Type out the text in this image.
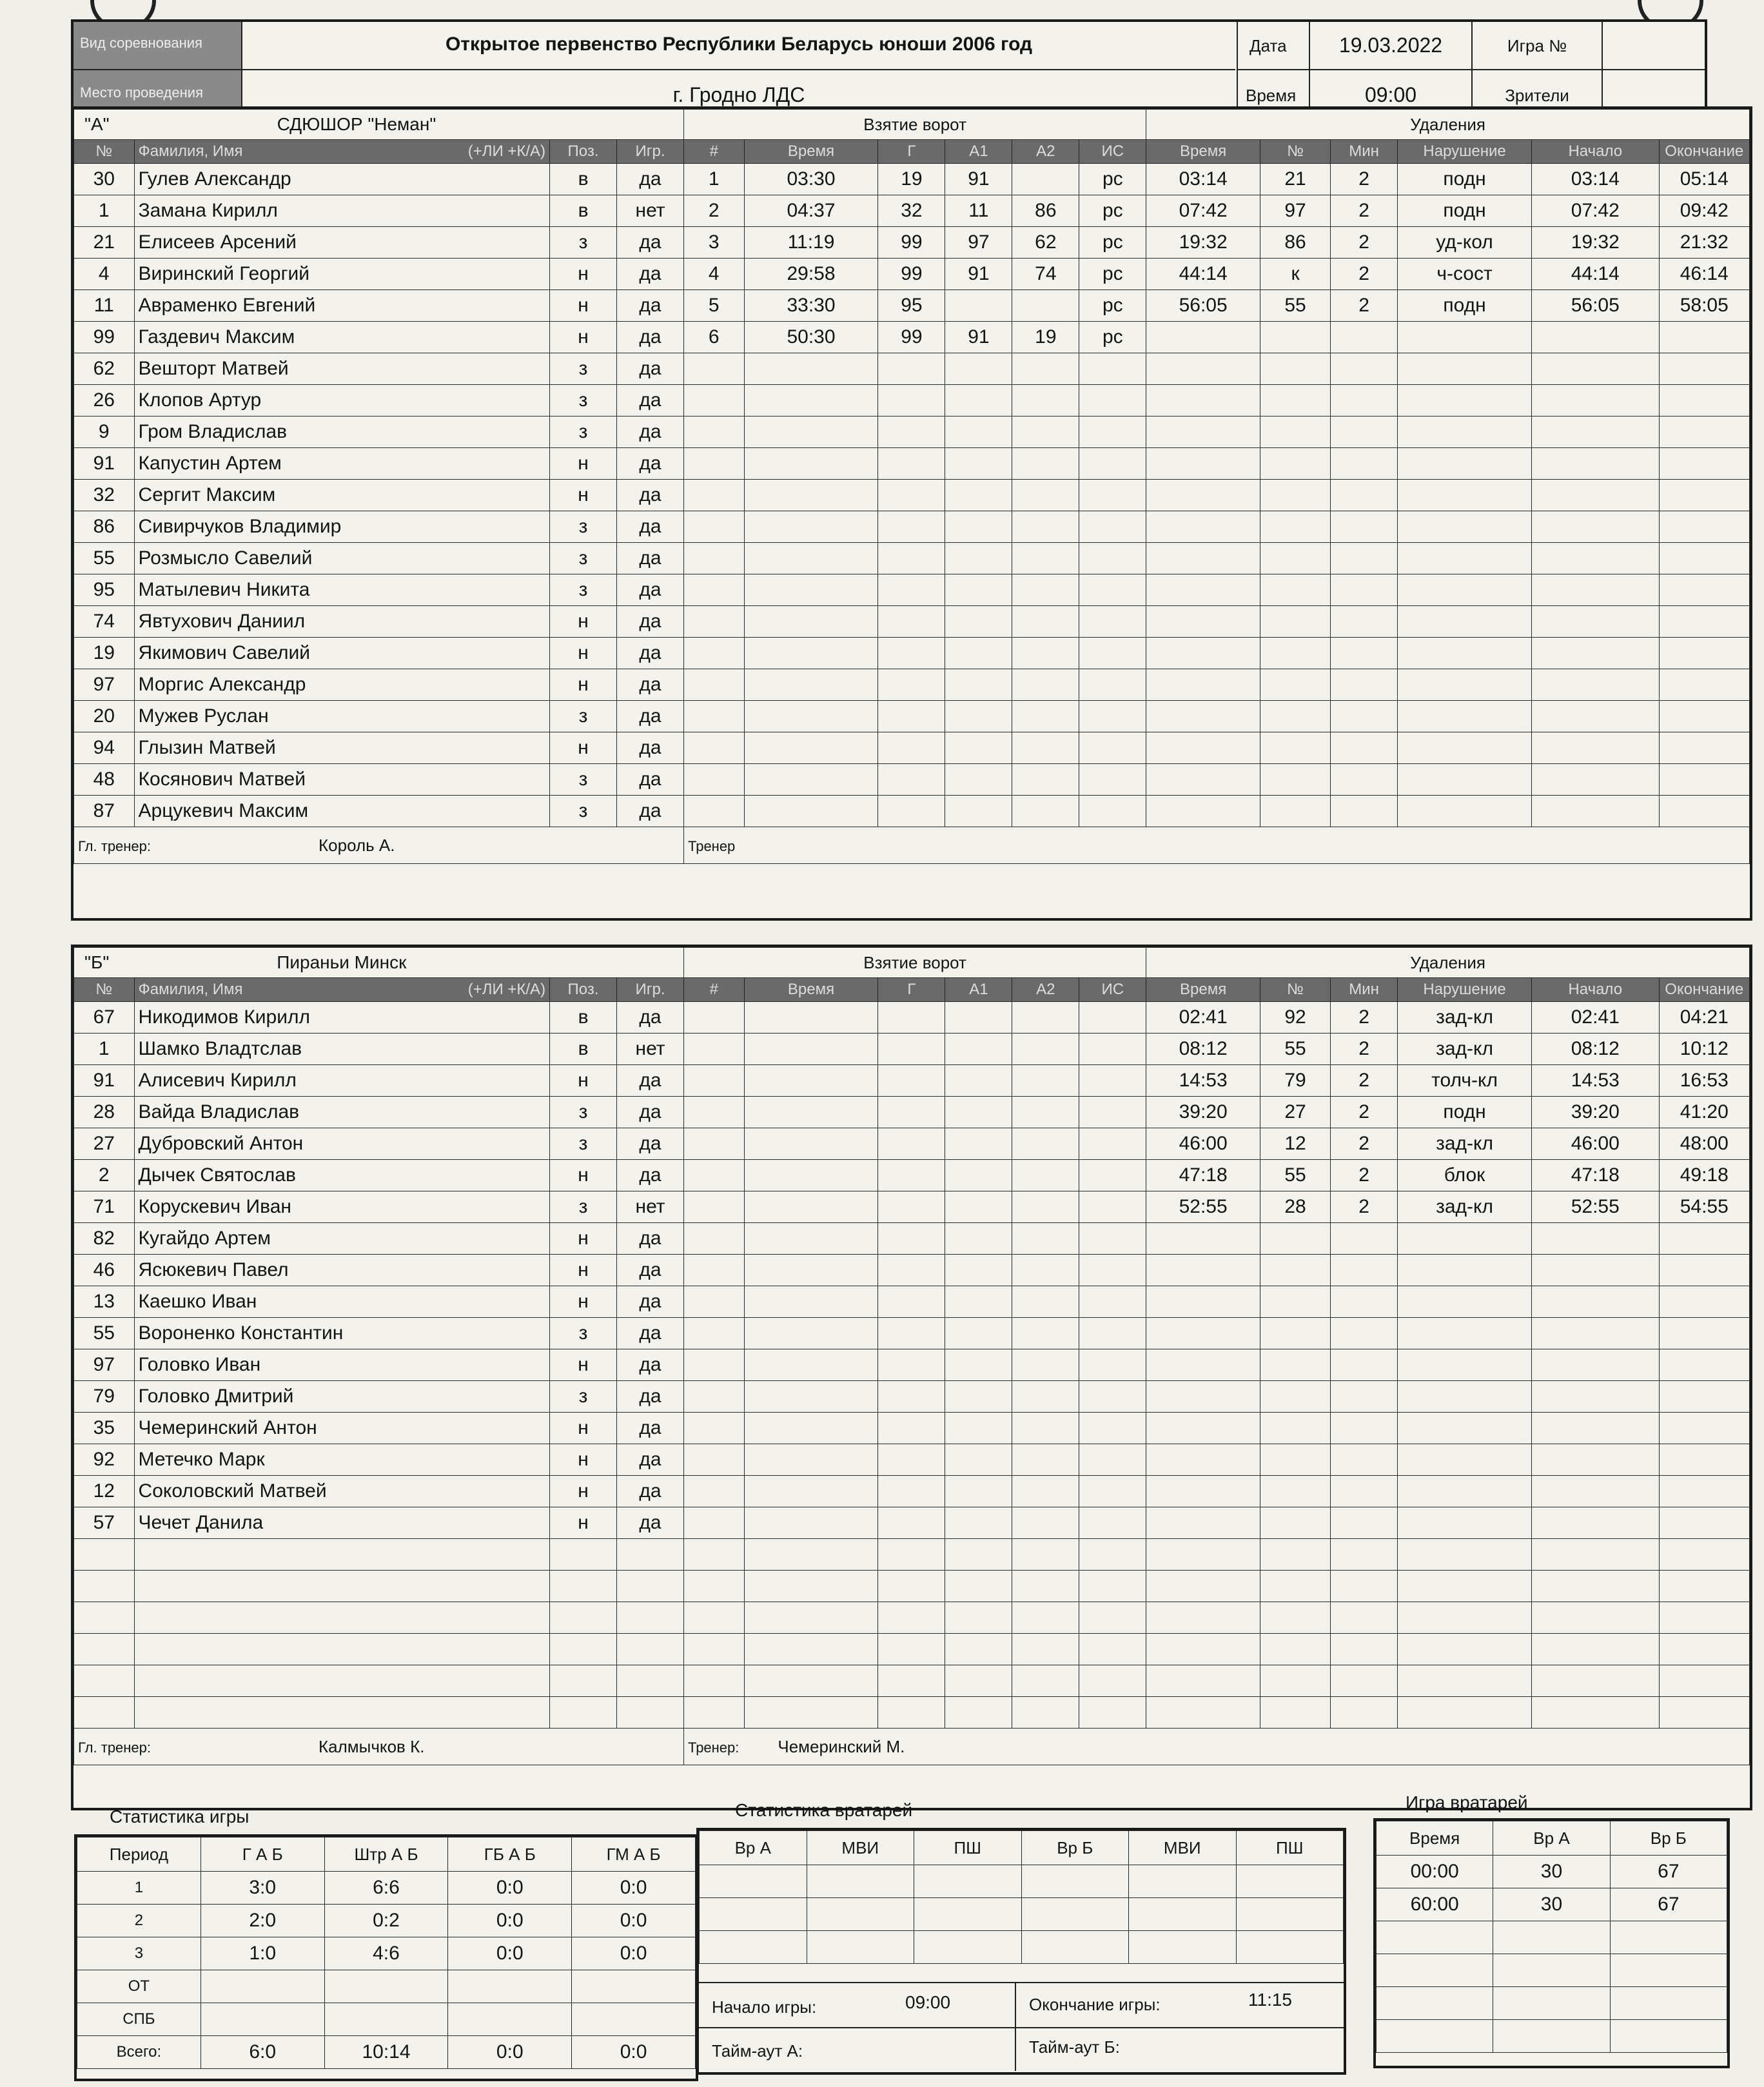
Вид соревнования
Место проведения
Открытое первенство Республики Беларусь юноши 2006 год
г. Гродно ЛДС
Дата	19.03.2022	Игра №
Время	09:00	Зрители
"А" СДЮШОР "Неман"				Взятие ворот						Удаления					
№	Фамилия, Имя (+ЛИ +К/А)	Поз.	Игр.	#	Время	Г	А1	А2	ИС	Время	№	Мин	Нарушение	Начало	Окончание
30	Гулев Александр	в	да	1	03:30	19	91		рс	03:14	21	2	подн	03:14	05:14
1	Замана Кирилл	в	нет	2	04:37	32	11	86	рс	07:42	97	2	подн	07:42	09:42
21	Елисеев Арсений	з	да	3	11:19	99	97	62	рс	19:32	86	2	уд-кол	19:32	21:32
4	Виринский Георгий	н	да	4	29:58	99	91	74	рс	44:14	к	2	ч-сост	44:14	46:14
11	Авраменко Евгений	н	да	5	33:30	95			рс	56:05	55	2	подн	56:05	58:05
99	Газдевич Максим	н	да	6	50:30	99	91	19	рс						
62	Вешторт Матвей	з	да												
26	Клопов Артур	з	да												
9	Гром Владислав	з	да												
91	Капустин Артем	н	да												
32	Сергит Максим	н	да												
86	Сивирчуков Владимир	з	да												
55	Розмысло Савелий	з	да												
95	Матылевич Никита	з	да												
74	Явтухович Даниил	н	да												
19	Якимович Савелий	н	да												
97	Моргис Александр	н	да												
20	Мужев Руслан	з	да												
94	Глызин Матвей	н	да												
48	Косянович Матвей	з	да												
87	Арцукевич Максим	з	да												
Гл. тренер: Король А.				Тренер											
"Б" Пираньи Минск				Взятие ворот						Удаления					
№	Фамилия, Имя (+ЛИ +К/А)	Поз.	Игр.	#	Время	Г	А1	А2	ИС	Время	№	Мин	Нарушение	Начало	Окончание
67	Никодимов Кирилл	в	да							02:41	92	2	зад-кл	02:41	04:21
1	Шамко Владтслав	в	нет							08:12	55	2	зад-кл	08:12	10:12
91	Алисевич Кирилл	н	да							14:53	79	2	толч-кл	14:53	16:53
28	Вайда Владислав	з	да							39:20	27	2	подн	39:20	41:20
27	Дубровский Антон	з	да							46:00	12	2	зад-кл	46:00	48:00
2	Дычек Святослав	н	да							47:18	55	2	блок	47:18	49:18
71	Корускевич Иван	з	нет							52:55	28	2	зад-кл	52:55	54:55
82	Кугайдо Артем	н	да												
46	Ясюкевич Павел	н	да												
13	Каешко Иван	н	да												
55	Вороненко Константин	з	да												
97	Головко Иван	н	да												
79	Головко Дмитрий	з	да												
35	Чемеринский Антон	н	да												
92	Метечко Марк	н	да												
12	Соколовский Матвей	н	да												
57	Чечет Данила	н	да												

Гл. тренер: Калмычков К.				Тренер: Чемеринский М.											
Статистика игры
Период	Г А Б	Штр А Б	ГБ А Б	ГМ А Б
1	3:0	6:6	0:0	0:0
2	2:0	0:2	0:0	0:0
3	1:0	4:6	0:0	0:0
ОТ				
СПБ				
Всего:	6:0	10:14	0:0	0:0
Статистика вратарей
Вр А	МВИ	ПШ	Вр Б	МВИ	ПШ

Начало игры:	09:00	Окончание игры:	11:15
Тайм-аут А:	Тайм-аут Б:
Игра вратарей
Время	Вр А	Вр Б
00:00	30	67
60:00	30	67
